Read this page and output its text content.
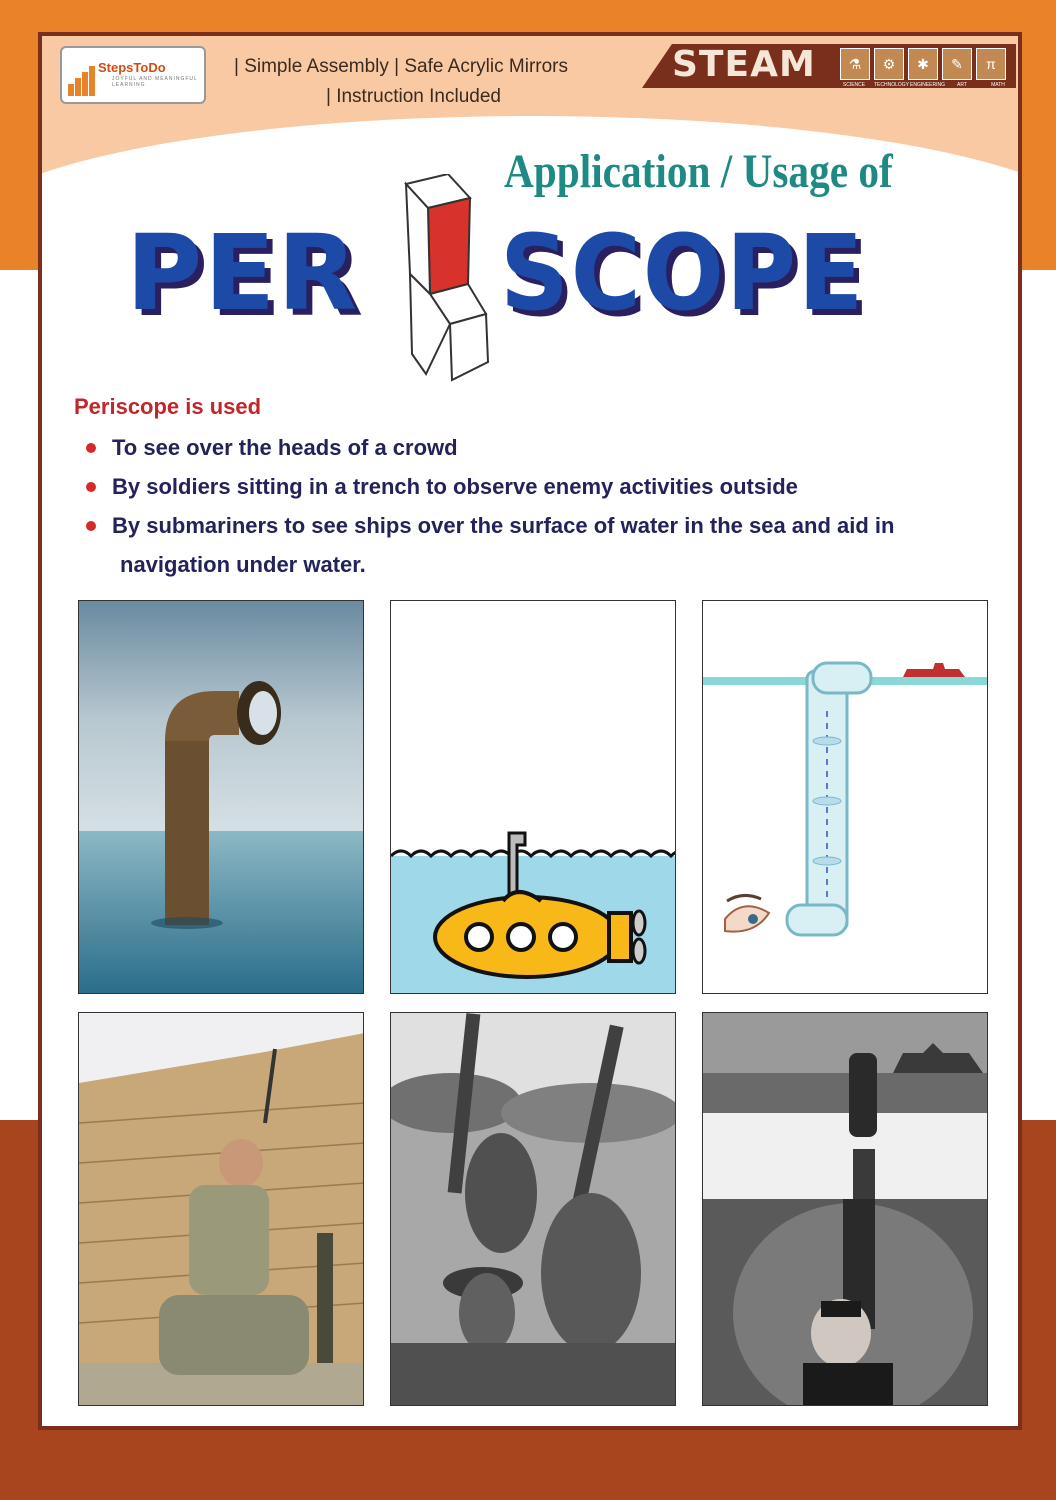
StepsToDo
JOYFUL AND MEANINGFUL LEARNING
| Simple Assembly | Safe Acrylic Mirrors
| Instruction Included
STEAM	⚗	⚙	✱	✎	π
SCIENCE	TECHNOLOGY ENGINEERING	ART	MATH
Application / Usage of
PER SCOPE
Periscope is used
To see over the heads of a crowd
By soldiers sitting in a trench to observe enemy activities outside
By submariners to see ships over the surface of water in the sea and aid in
navigation under water.
